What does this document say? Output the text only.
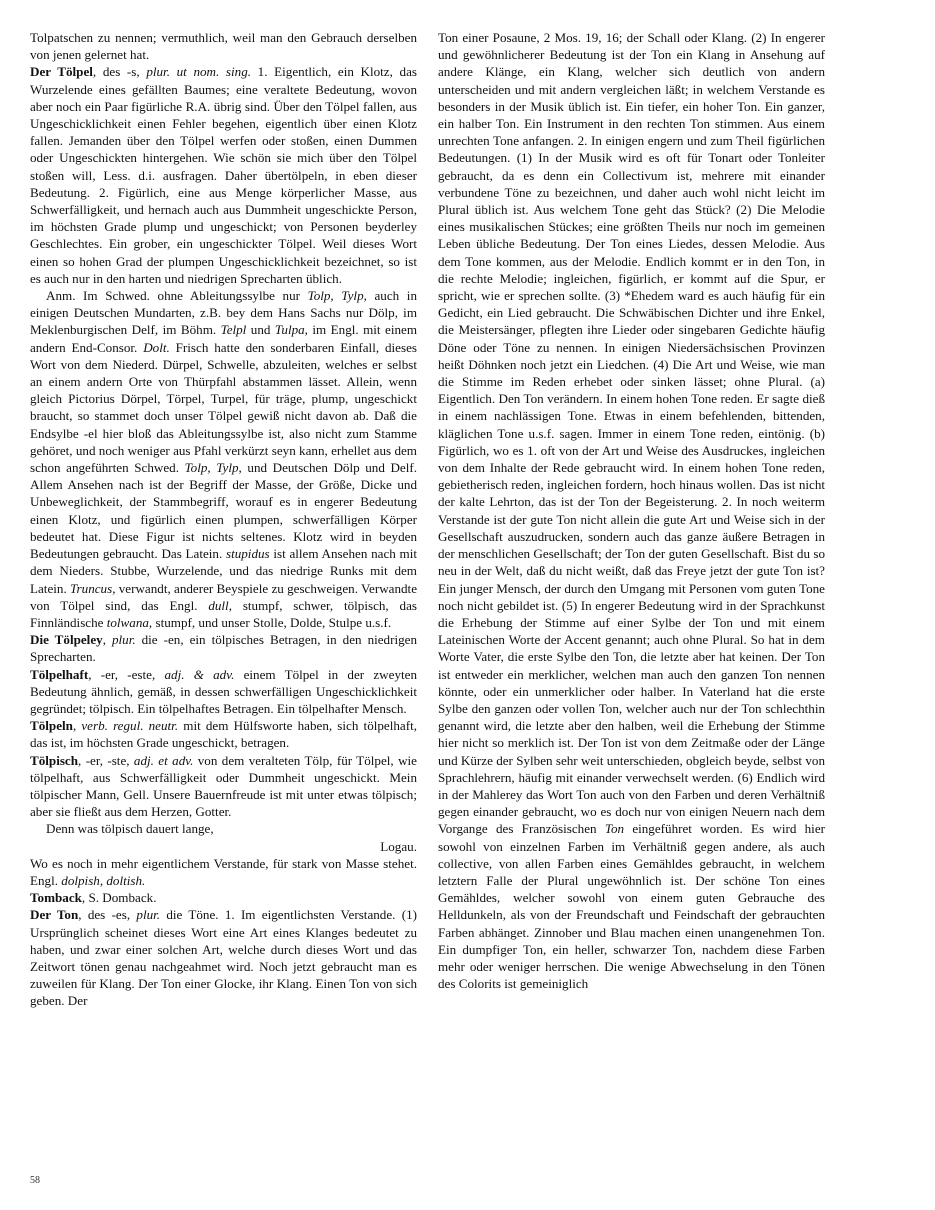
Tolpatschen zu nennen; vermuthlich, weil man den Gebrauch derselben von jenen gelernet hat.

Der Tölpel, des -s, plur. ut nom. sing. 1. Eigentlich, ein Klotz, das Wurzelende eines gefällten Baumes; eine veraltete Bedeutung, wovon aber noch ein Paar figürliche R.A. übrig sind. Über den Tölpel fallen, aus Ungeschicklichkeit einen Fehler begehen, eigentlich über einen Klotz fallen. Jemanden über den Tölpel werfen oder stoßen, einen Dummen oder Ungeschickten hintergehen. Wie schön sie mich über den Tölpel stoßen will, Less. d.i. ausfragen. Daher übertölpeln, in eben dieser Bedeutung. 2. Figürlich, eine aus Menge körperlicher Masse, aus Schwerfälligkeit, und hernach auch aus Dummheit ungeschickte Person, im höchsten Grade plump und ungeschickt; von Personen beyderley Geschlechtes. Ein grober, ein ungeschickter Tölpel. Weil dieses Wort einen so hohen Grad der plumpen Ungeschicklichkeit bezeichnet, so ist es auch nur in den harten und niedrigen Sprecharten üblich.

Anm. Im Schwed. ohne Ableitungssylbe nur Tolp, Tylp, auch in einigen Deutschen Mundarten, z.B. bey dem Hans Sachs nur Dölp, im Meklenburgischen Delf, im Böhm. Telpl und Tulpa, im Engl. mit einem andern End-Consor. Dolt. Frisch hatte den sonderbaren Einfall, dieses Wort von dem Niederd. Dürpel, Schwelle, abzuleiten, welches er selbst an einem andern Orte von Thürpfahl abstammen lässet. Allein, wenn gleich Pictorius Dörpel, Törpel, Turpel, für träge, plump, ungeschickt braucht, so stammet doch unser Tölpel gewiß nicht davon ab. Daß die Endsylbe -el hier bloß das Ableitungssylbe ist, also nicht zum Stamme gehöret, und noch weniger aus Pfahl verkürzt seyn kann, erhellet aus dem schon angeführten Schwed. Tolp, Tylp, und Deutschen Dölp und Delf. Allem Ansehen nach ist der Begriff der Masse, der Größe, Dicke und Unbeweglichkeit, der Stammbegriff, worauf es in engerer Bedeutung einen Klotz, und figürlich einen plumpen, schwerfälligen Körper bedeutet hat. Diese Figur ist nichts seltenes. Klotz wird in beyden Bedeutungen gebraucht. Das Latein. stupidus ist allem Ansehen nach mit dem Nieders. Stubbe, Wurzelende, und das niedrige Runks mit dem Latein. Truncus, verwandt, anderer Beyspiele zu geschweigen. Verwandte von Tölpel sind, das Engl. dull, stumpf, schwer, tölpisch, das Finnländische tolwana, stumpf, und unser Stolle, Dolde, Stulpe u.s.f.

Die Tölpeley, plur. die -en, ein tölpisches Betragen, in den niedrigen Sprecharten.

Tölpelhaft, -er, -este, adj. & adv. einem Tölpel in der zweyten Bedeutung ähnlich, gemäß, in dessen schwerfälligen Ungeschicklichkeit gegründet; tölpisch. Ein tölpelhaftes Betragen. Ein tölpelhafter Mensch.

Tölpeln, verb. regul. neutr. mit dem Hülfsworte haben, sich tölpelhaft, das ist, im höchsten Grade ungeschickt, betragen.

Tölpisch, -er, -ste, adj. et adv. von dem veralteten Tölp, für Tölpel, wie tölpelhaft, aus Schwerfälligkeit oder Dummheit ungeschickt. Mein tölpischer Mann, Gell. Unsere Bauernfreude ist mit unter etwas tölpisch; aber sie fließt aus dem Herzen, Gotter.

Denn was tölpisch dauert lange,

Logau.

Wo es noch in mehr eigentlichem Verstande, für stark von Masse stehet. Engl. dolpish, doltish.

Tomback, S. Domback.

Der Ton, des -es, plur. die Töne. 1. Im eigentlichsten Verstande. (1) Ursprünglich scheinet dieses Wort eine Art eines Klanges bedeutet zu haben, und zwar einer solchen Art, welche durch dieses Wort und das Zeitwort tönen genau nachgeahmet wird. Noch jetzt gebraucht man es zuweilen für Klang. Der Ton einer Glocke, ihr Klang. Einen Ton von sich geben. Der

Ton einer Posaune, 2 Mos. 19, 16; der Schall oder Klang. (2) In engerer und gewöhnlicherer Bedeutung ist der Ton ein Klang in Ansehung auf andere Klänge, ein Klang, welcher sich deutlich von andern unterscheiden und mit andern vergleichen läßt; in welchem Verstande es besonders in der Musik üblich ist. Ein tiefer, ein hoher Ton. Ein ganzer, ein halber Ton. Ein Instrument in den rechten Ton stimmen. Aus einem unrechten Tone anfangen. 2. In einigen engern und zum Theil figürlichen Bedeutungen. (1) In der Musik wird es oft für Tonart oder Tonleiter gebraucht, da es denn ein Collectivum ist, mehrere mit einander verbundene Töne zu bezeichnen, und daher auch wohl nicht leicht im Plural üblich ist. Aus welchem Tone geht das Stück? (2) Die Melodie eines musikalischen Stückes; eine größten Theils nur noch im gemeinen Leben übliche Bedeutung. Der Ton eines Liedes, dessen Melodie. Aus dem Tone kommen, aus der Melodie. Endlich kommt er in den Ton, in die rechte Melodie; ingleichen, figürlich, er kommt auf die Spur, er spricht, wie er sprechen sollte. (3) *Ehedem ward es auch häufig für ein Gedicht, ein Lied gebraucht. Die Schwäbischen Dichter und ihre Enkel, die Meistersänger, pflegten ihre Lieder oder singebaren Gedichte häufig Döne oder Töne zu nennen. In einigen Niedersächsischen Provinzen heißt Döhnken noch jetzt ein Liedchen. (4) Die Art und Weise, wie man die Stimme im Reden erhebet oder sinken lässet; ohne Plural. (a) Eigentlich. Den Ton verändern. In einem hohen Tone reden. Er sagte dieß in einem nachlässigen Tone. Etwas in einem befehlenden, bittenden, kläglichen Tone u.s.f. sagen. Immer in einem Tone reden, eintönig. (b) Figürlich, wo es 1. oft von der Art und Weise des Ausdruckes, ingleichen von dem Inhalte der Rede gebraucht wird. In einem hohen Tone reden, gebietherisch reden, ingleichen fordern, hoch hinaus wollen. Das ist nicht der kalte Lehrton, das ist der Ton der Begeisterung. 2. In noch weiterm Verstande ist der gute Ton nicht allein die gute Art und Weise sich in der Gesellschaft auszudrucken, sondern auch das ganze äußere Betragen in der menschlichen Gesellschaft; der Ton der guten Gesellschaft. Bist du so neu in der Welt, daß du nicht weißt, daß das Freye jetzt der gute Ton ist? Ein junger Mensch, der durch den Umgang mit Personen vom guten Tone noch nicht gebildet ist. (5) In engerer Bedeutung wird in der Sprachkunst die Erhebung der Stimme auf einer Sylbe der Ton und mit einem Lateinischen Worte der Accent genannt; auch ohne Plural. So hat in dem Worte Vater, die erste Sylbe den Ton, die letzte aber hat keinen. Der Ton ist entweder ein merklicher, welchen man auch den ganzen Ton nennen könnte, oder ein unmerklicher oder halber. In Vaterland hat die erste Sylbe den ganzen oder vollen Ton, welcher auch nur der Ton schlechthin genannt wird, die letzte aber den halben, weil die Erhebung der Stimme hier nicht so merklich ist. Der Ton ist von dem Zeitmaße oder der Länge und Kürze der Sylben sehr weit unterschieden, obgleich beyde, selbst von Sprachlehrern, häufig mit einander verwechselt werden. (6) Endlich wird in der Mahlerey das Wort Ton auch von den Farben und deren Verhältniß gegen einander gebraucht, wo es doch nur von einigen Neuern nach dem Vorgange des Französischen Ton eingeführet worden. Es wird hier sowohl von einzelnen Farben im Verhältniß gegen andere, als auch collective, von allen Farben eines Gemähldes gebraucht, in welchem letztern Falle der Plural ungewöhnlich ist. Der schöne Ton eines Gemähldes, welcher sowohl von einem guten Gebrauche des Helldunkeln, als von der Freundschaft und Feindschaft der gebrauchten Farben abhänget. Zinnober und Blau machen einen unangenehmen Ton. Ein dumpfiger Ton, ein heller, schwarzer Ton, nachdem diese Farben mehr oder weniger herrschen. Die wenige Abwechselung in den Tönen des Colorits ist gemeiniglich

58
